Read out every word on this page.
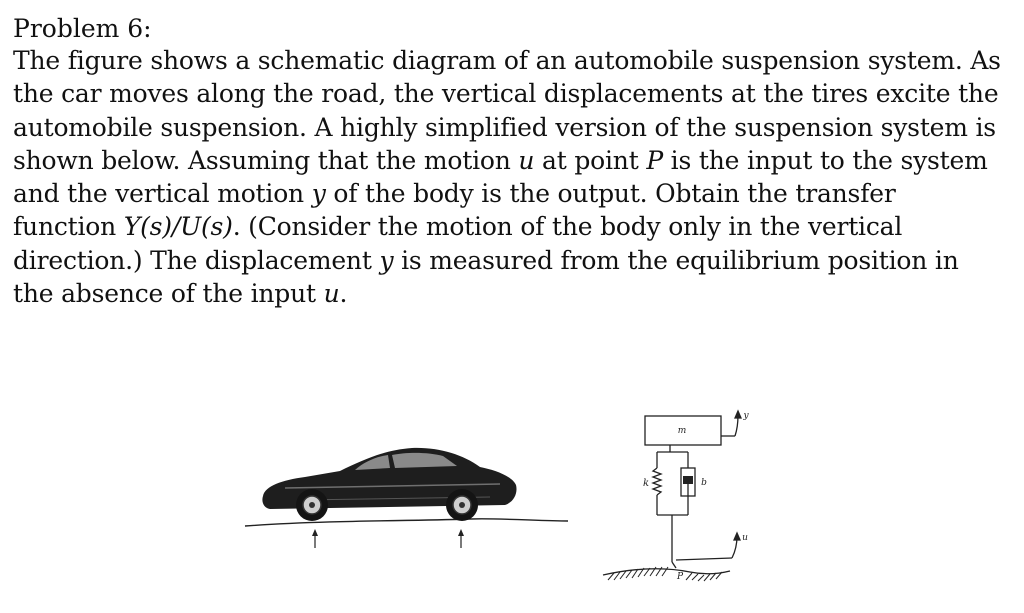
Problem 6:
The figure shows a schematic diagram of an automobile suspension system. As the car moves along the road, the vertical displacements at the tires excite the automobile suspension. A highly simplified version of the suspension system is shown below. Assuming that the motion u at point P is the input to the system and the vertical motion y of the body is the output. Obtain the transfer function Y(s)/U(s). (Consider the motion of the body only in the vertical direction.) The displacement y is measured from the equilibrium position in the absence of the input u.
m
k	b
y
u
P
